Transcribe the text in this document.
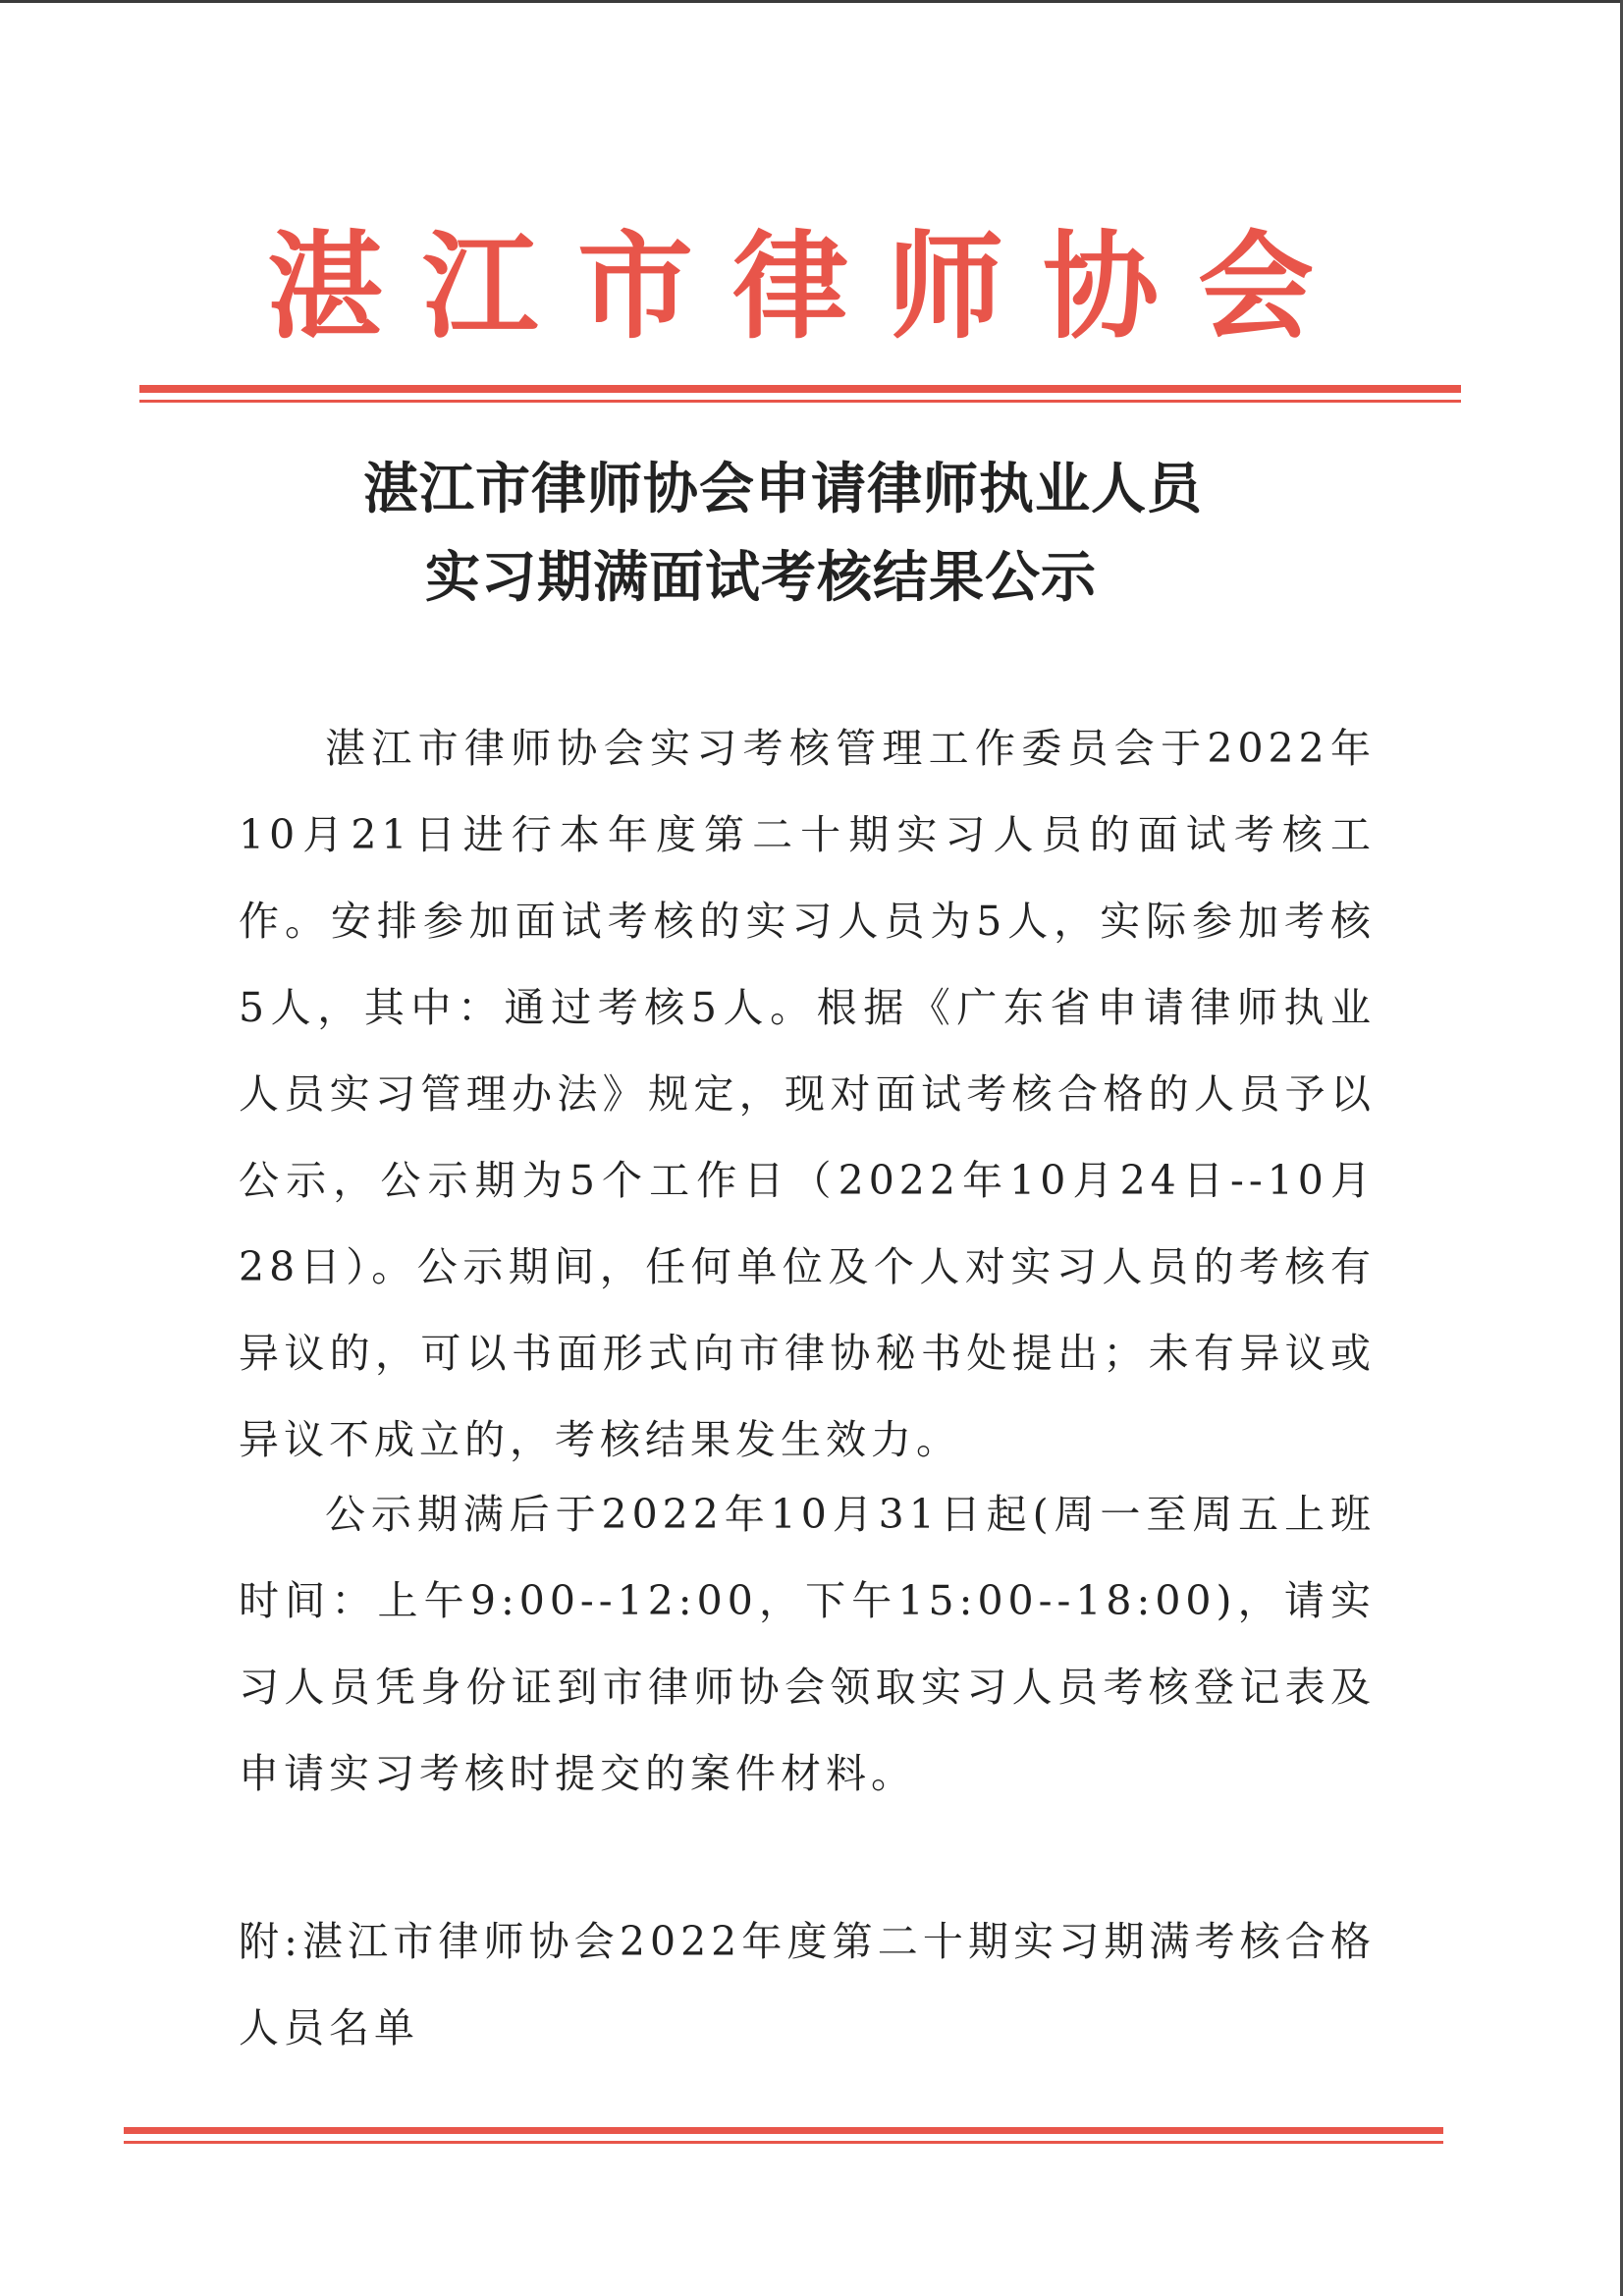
湛江市律师协会
湛江市律师协会申请律师执业人员
实习期满面试考核结果公示
湛江市律师协会实习考核管理工作委员会于2022年10月21日进行本年度第二十期实习人员的面试考核工作。安排参加面试考核的实习人员为5人，实际参加考核5人，其中：通过考核5人。根据《广东省申请律师执业人员实习管理办法》规定，现对面试考核合格的人员予以公示，公示期为5个工作日（2022年10月24日--10月28日）。公示期间，任何单位及个人对实习人员的考核有异议的，可以书面形式向市律协秘书处提出；未有异议或异议不成立的，考核结果发生效力。
公示期满后于2022年10月31日起(周一至周五上班时间：上午9:00--12:00，下午15:00--18:00)，请实习人员凭身份证到市律师协会领取实习人员考核登记表及申请实习考核时提交的案件材料。
附:湛江市律师协会2022年度第二十期实习期满考核合格人员名单
